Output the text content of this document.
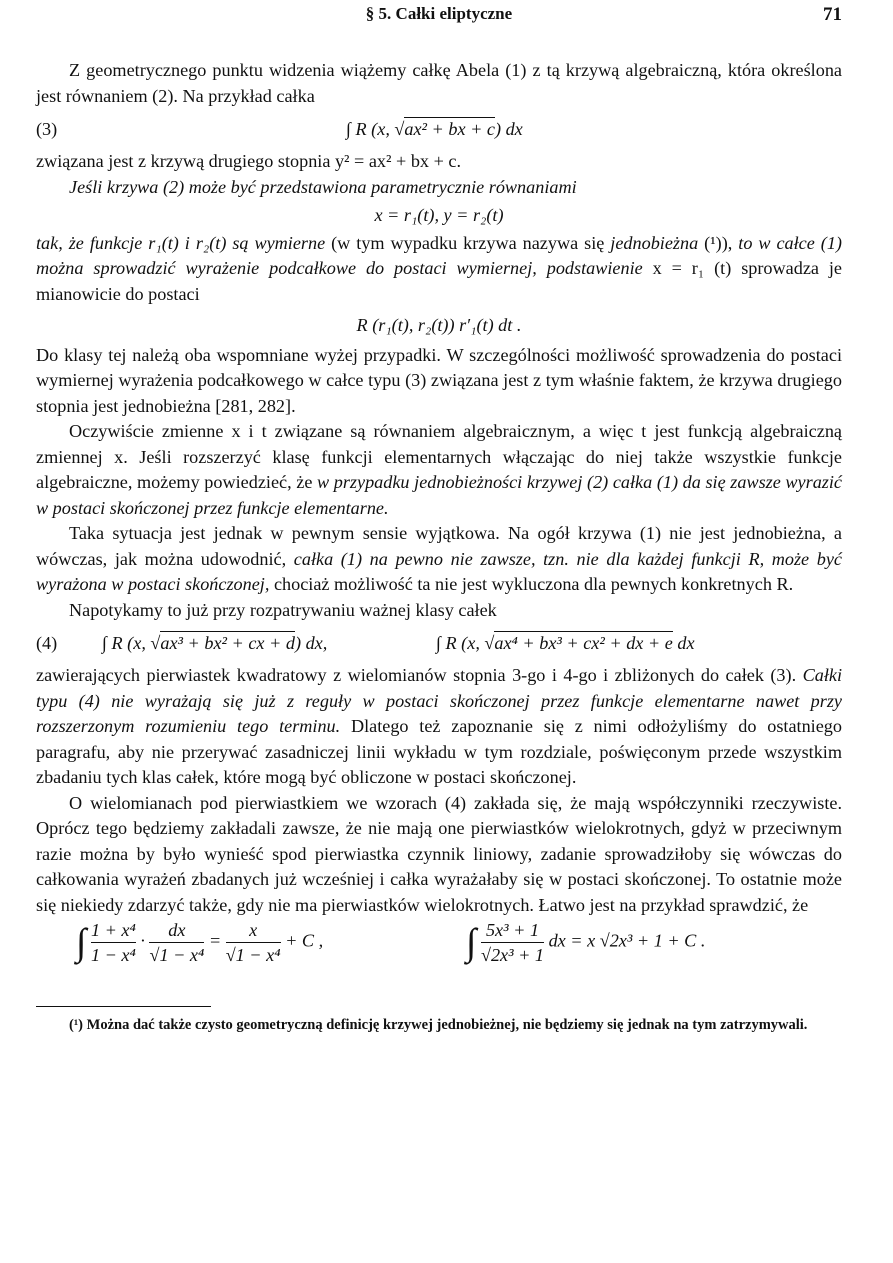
§ 5. Całki eliptyczne	71

Z geometrycznego punktu widzenia wiążemy całkę Abela (1) z tą krzywą algebraiczną, która określona jest równaniem (2). Na przykład całka

(3)	∫ R (x, √ax² + bx + c) dx

związana jest z krzywą drugiego stopnia y² = ax² + bx + c.

Jeśli krzywa (2) może być przedstawiona parametrycznie równaniami

x = r₁(t), y = r₂(t)

tak, że funkcje r₁(t) i r₂(t) są wymierne (w tym wypadku krzywa nazywa się jednobieżna (¹)), to w całce (1) można sprowadzić wyrażenie podcałkowe do postaci wymiernej, podstawienie x = r₁ (t) sprowadza je mianowicie do postaci

R (r₁(t), r₂(t)) r′₁(t) dt .

Do klasy tej należą oba wspomniane wyżej przypadki. W szczególności możliwość sprowadzenia do postaci wymiernej wyrażenia podcałkowego w całce typu (3) związana jest z tym właśnie faktem, że krzywa drugiego stopnia jest jednobieżna [281, 282].

Oczywiście zmienne x i t związane są równaniem algebraicznym, a więc t jest funkcją algebraiczną zmiennej x. Jeśli rozszerzyć klasę funkcji elementarnych włączając do niej także wszystkie funkcje algebraiczne, możemy powiedzieć, że w przypadku jednobieżności krzywej (2) całka (1) da się zawsze wyrazić w postaci skończonej przez funkcje elementarne.

Taka sytuacja jest jednak w pewnym sensie wyjątkowa. Na ogół krzywa (1) nie jest jednobieżna, a wówczas, jak można udowodnić, całka (1) na pewno nie zawsze, tzn. nie dla każdej funkcji R, może być wyrażona w postaci skończonej, chociaż możliwość ta nie jest wykluczona dla pewnych konkretnych R.

Napotykamy to już przy rozpatrywaniu ważnej klasy całek

(4) ∫ R (x, √ax³ + bx² + cx + d) dx,	∫ R (x, √ax⁴ + bx³ + cx² + dx + e dx

zawierających pierwiastek kwadratowy z wielomianów stopnia 3-go i 4-go i zbliżonych do całek (3). Całki typu (4) nie wyrażają się już z reguły w postaci skończonej przez funkcje elementarne nawet przy rozszerzonym rozumieniu tego terminu. Dlatego też zapoznanie się z nimi odłożyliśmy do ostatniego paragrafu, aby nie przerywać zasadniczej linii wykładu w tym rozdziale, poświęconym przede wszystkim zbadaniu tych klas całek, które mogą być obliczone w postaci skończonej.

O wielomianach pod pierwiastkiem we wzorach (4) zakłada się, że mają współczynniki rzeczywiste. Oprócz tego będziemy zakładali zawsze, że nie mają one pierwiastków wielokrotnych, gdyż w przeciwnym razie można by było wynieść spod pierwiastka czynnik liniowy, zadanie sprowadziłoby się wówczas do całkowania wyrażeń zbadanych już wcześniej i całka wyrażałaby się w postaci skończonej. To ostatnie może się niekiedy zdarzyć także, gdy nie ma pierwiastków wielokrotnych. Łatwo jest na przykład sprawdzić, że

∫ $\frac{\text{1 + x⁴}}{\text{1 − x⁴}} \cdot \frac{dx}{\text{√1 − x⁴}} = \frac{x}{\text{√1 − x⁴}} + C$ ,	∫ $\frac{\text{5x³ + 1}}{\text{√2x³ + 1}}$ dx = x √2x³ + 1 + C .

(¹) Można dać także czysto geometryczną definicję krzywej jednobieżnej, nie będziemy się jednak na tym zatrzymywali.
